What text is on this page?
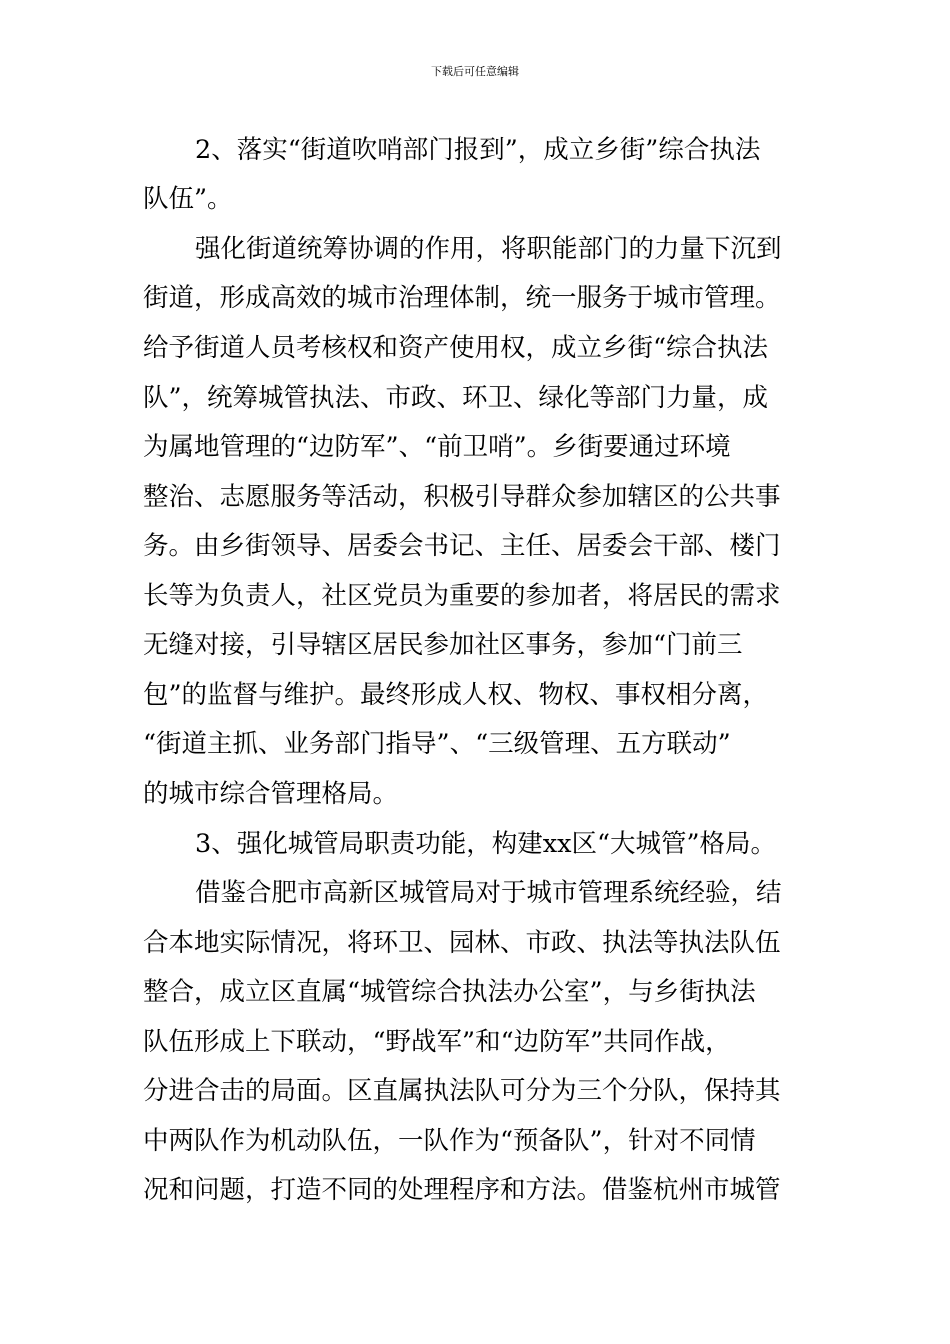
下载后可任意编辑
2、落实“街道吹哨部门报到”，成立乡街”综合执法
队伍”。
强化街道统筹协调的作用，将职能部门的力量下沉到
街道，形成高效的城市治理体制，统一服务于城市管理。
给予街道人员考核权和资产使用权，成立乡街“综合执法
队”，统筹城管执法、市政、环卫、绿化等部门力量，成
为属地管理的“边防军”、“前卫哨”。乡街要通过环境
整治、志愿服务等活动，积极引导群众参加辖区的公共事
务。由乡街领导、居委会书记、主任、居委会干部、楼门
长等为负责人，社区党员为重要的参加者，将居民的需求
无缝对接，引导辖区居民参加社区事务，参加“门前三
包”的监督与维护。最终形成人权、物权、事权相分离，
“街道主抓、业务部门指导”、“三级管理、五方联动”
的城市综合管理格局。
3、强化城管局职责功能，构建xx区“大城管”格局。
借鉴合肥市高新区城管局对于城市管理系统经验，结
合本地实际情况，将环卫、园林、市政、执法等执法队伍
整合，成立区直属“城管综合执法办公室”，与乡街执法
队伍形成上下联动，“野战军”和“边防军”共同作战，
分进合击的局面。区直属执法队可分为三个分队，保持其
中两队作为机动队伍，一队作为“预备队”，针对不同情
况和问题，打造不同的处理程序和方法。借鉴杭州市城管
